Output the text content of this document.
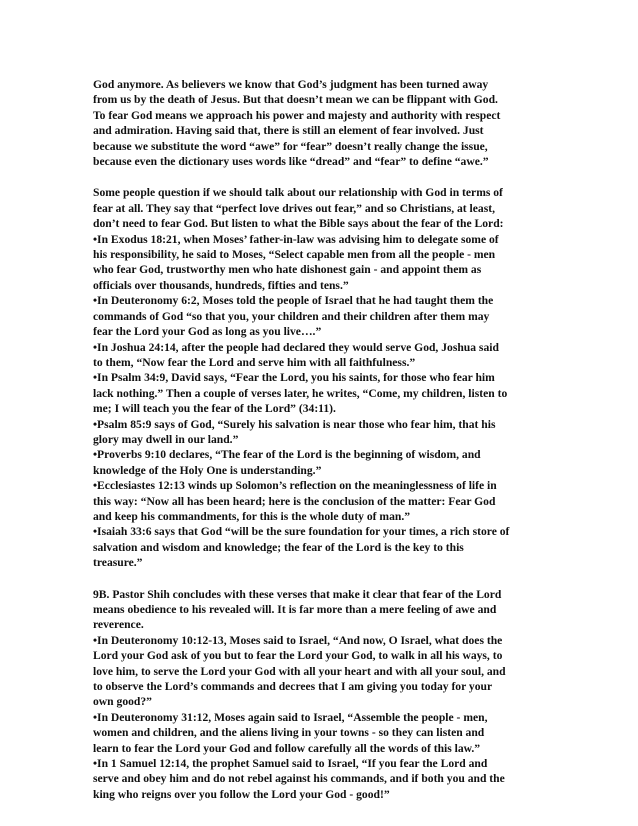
God anymore. As believers we know that God’s judgment has been turned away
from us by the death of Jesus. But that doesn’t mean we can be flippant with God.
To fear God means we approach his power and majesty and authority with respect
and admiration. Having said that, there is still an element of fear involved. Just
because we substitute the word “awe” for “fear” doesn’t really change the issue,
because even the dictionary uses words like “dread” and “fear” to define “awe.”
Some people question if we should talk about our relationship with God in terms of
fear at all. They say that “perfect love drives out fear,” and so Christians, at least,
don’t need to fear God. But listen to what the Bible says about the fear of the Lord:
•In Exodus 18:21, when Moses’ father-in-law was advising him to delegate some of
his responsibility, he said to Moses, “Select capable men from all the people - men
who fear God, trustworthy men who hate dishonest gain - and appoint them as
officials over thousands, hundreds, fifties and tens.”
•In Deuteronomy 6:2, Moses told the people of Israel that he had taught them the
commands of God “so that you, your children and their children after them may
fear the Lord your God as long as you live….”
•In Joshua 24:14, after the people had declared they would serve God, Joshua said
to them, “Now fear the Lord and serve him with all faithfulness.”
•In Psalm 34:9, David says, “Fear the Lord, you his saints, for those who fear him
lack nothing.” Then a couple of verses later, he writes, “Come, my children, listen to
me; I will teach you the fear of the Lord” (34:11).
•Psalm 85:9 says of God, “Surely his salvation is near those who fear him, that his
glory may dwell in our land.”
•Proverbs 9:10 declares, “The fear of the Lord is the beginning of wisdom, and
knowledge of the Holy One is understanding.”
•Ecclesiastes 12:13 winds up Solomon’s reflection on the meaninglessness of life in
this way: “Now all has been heard; here is the conclusion of the matter: Fear God
and keep his commandments, for this is the whole duty of man.”
•Isaiah 33:6 says that God “will be the sure foundation for your times, a rich store of
salvation and wisdom and knowledge; the fear of the Lord is the key to this
treasure.”
9B. Pastor Shih concludes with these verses that make it clear that fear of the Lord
means obedience to his revealed will. It is far more than a mere feeling of awe and
reverence.
•In Deuteronomy 10:12-13, Moses said to Israel, “And now, O Israel, what does the
Lord your God ask of you but to fear the Lord your God, to walk in all his ways, to
love him, to serve the Lord your God with all your heart and with all your soul, and
to observe the Lord’s commands and decrees that I am giving you today for your
own good?”
•In Deuteronomy 31:12, Moses again said to Israel, “Assemble the people - men,
women and children, and the aliens living in your towns - so they can listen and
learn to fear the Lord your God and follow carefully all the words of this law.”
•In 1 Samuel 12:14, the prophet Samuel said to Israel, “If you fear the Lord and
serve and obey him and do not rebel against his commands, and if both you and the
king who reigns over you follow the Lord your God - good!”
